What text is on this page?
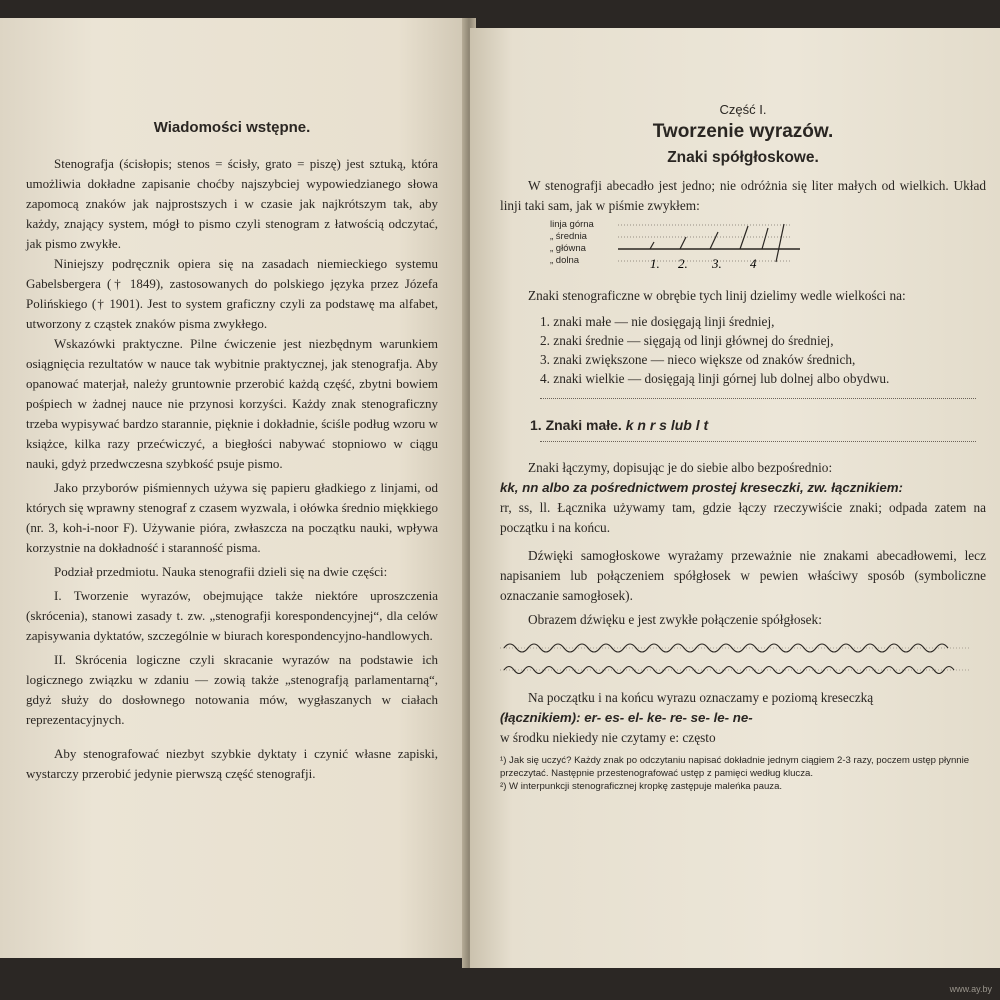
Wiadomości wstępne.

Stenografja (ścisłopis; stenos = ścisły, grato = piszę) jest sztuką, która umożliwia dokładne zapisanie choćby najszybciej wypowiedzianego słowa zapomocą znaków jak najprostszych i w czasie jak najkrótszym tak, aby każdy, znający system, mógł to pismo czyli stenogram z łatwością odczytać, jak pismo zwykłe.

Niniejszy podręcznik opiera się na zasadach niemieckiego systemu Gabelsbergera († 1849), zastosowanych do polskiego języka przez Józefa Polińskiego († 1901). Jest to system graficzny czyli za podstawę ma alfabet, utworzony z cząstek znaków pisma zwykłego.

Wskazówki praktyczne. Pilne ćwiczenie jest niezbędnym warunkiem osiągnięcia rezultatów w nauce tak wybitnie praktycznej, jak stenografja. Aby opanować materjał, należy gruntownie przerobić każdą część, zbytni bowiem pośpiech w żadnej nauce nie przynosi korzyści. Każdy znak stenograficzny trzeba wypisywać bardzo starannie, pięknie i dokładnie, ściśle podług wzoru w książce, kilka razy przećwiczyć, a biegłości nabywać stopniowo w ciągu nauki, gdyż przedwczesna szybkość psuje pismo.

Jako przyborów piśmiennych używa się papieru gładkiego z linjami, od których się wprawny stenograf z czasem wyzwala, i ołówka średnio miękkiego (nr. 3, koh-i-noor F). Używanie pióra, zwłaszcza na początku nauki, wpływa korzystnie na dokładność i staranność pisma.

Podział przedmiotu. Nauka stenografii dzieli się na dwie części:

I. Tworzenie wyrazów, obejmujące także niektóre uproszczenia (skrócenia), stanowi zasady t. zw. „stenografji korespondencyjnej“, dla celów zapisywania dyktatów, szczególnie w biurach korespondencyjno-handlowych.

II. Skrócenia logiczne czyli skracanie wyrazów na podstawie ich logicznego związku w zdaniu — zowią także „stenografją parlamentarną“, gdyż służy do dosłownego notowania mów, wygłaszanych w ciałach reprezentacyjnych.

Aby stenografować niezbyt szybkie dyktaty i czynić własne zapiski, wystarczy przerobić jedynie pierwszą część stenografji.

Część I.
Tworzenie wyrazów.
Znaki spółgłoskowe.

W stenografji abecadło jest jedno; nie odróżnia się liter małych od wielkich. Układ linji taki sam, jak w piśmie zwykłem:

linja górna
„ średnia
„ główna
„ dolna	1. 2. 3. 4

Znaki stenograficzne w obrębie tych linij dzielimy wedle wielkości na:

1. znaki małe — nie dosięgają linji średniej,
2. znaki średnie — sięgają od linji głównej do średniej,
3. znaki zwiększone — nieco większe od znaków średnich,
4. znaki wielkie — dosięgają linji górnej lub dolnej albo obydwu.
1. Znaki małe. k n r s lub l t

Znaki łączymy, dopisując je do siebie albo bezpośrednio:

kk, nn albo za pośrednictwem prostej kreseczki, zw. łącznikiem:

rr, ss, ll. Łącznika używamy tam, gdzie łączy rzeczywiście znaki; odpada zatem na początku i na końcu.

Dźwięki samogłoskowe wyrażamy przeważnie nie znakami abecadłowemi, lecz napisaniem lub połączeniem spółgłosek w pewien właściwy sposób (symboliczne oznaczanie samogłosek).

Obrazem dźwięku e jest zwykłe połączenie spółgłosek:

Na początku i na końcu wyrazu oznaczamy e poziomą kreseczką

(łącznikiem): er- es- el- ke- re- se- le- ne-

w środku niekiedy nie czytamy e: często

¹) Jak się uczyć? Każdy znak po odczytaniu napisać dokładnie jednym ciągiem 2-3 razy, poczem ustęp płynnie przeczytać. Następnie przestenografować ustęp z pamięci według klucza.

²) W interpunkcji stenograficznej kropkę zastępuje maleńka pauza.

www.ay.by
